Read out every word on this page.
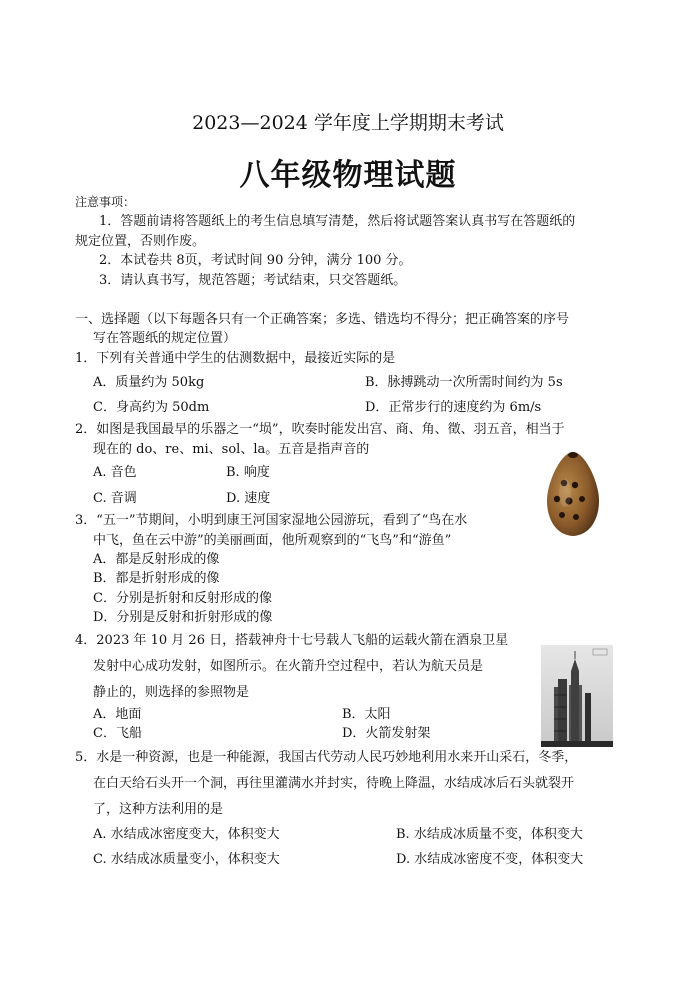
2023—2024 学年度上学期期末考试
八年级物理试题
注意事项：
1．答题前请将答题纸上的考生信息填写清楚，然后将试题答案认真书写在答题纸的
规定位置，否则作废。
2．本试卷共 8页，考试时间 90 分钟，满分 100 分。
3．请认真书写，规范答题；考试结束，只交答题纸。
一、选择题（以下每题各只有一个正确答案；多选、错选均不得分；把正确答案的序号
写在答题纸的规定位置）
1．下列有关普通中学生的估测数据中，最接近实际的是
A．质量约为 50kg	B．脉搏跳动一次所需时间约为 5s
C．身高约为 50dm	D．正常步行的速度约为 6m/s
2．如图是我国最早的乐器之一“埙”，吹奏时能发出宫、商、角、徵、羽五音，相当于
现在的 do、re、mi、sol、la。五音是指声音的
A. 音色	B. 响度
C. 音调	D. 速度
3．“五一”节期间，小明到康王河国家湿地公园游玩，看到了“鸟在水
中飞，鱼在云中游”的美丽画面，他所观察到的“飞鸟”和“游鱼”
A．都是反射形成的像
B．都是折射形成的像
C．分别是折射和反射形成的像
D．分别是反射和折射形成的像
4．2023 年 10 月 26 日，搭载神舟十七号载人飞船的运载火箭在酒泉卫星
发射中心成功发射，如图所示。在火箭升空过程中，若认为航天员是
静止的，则选择的参照物是
A．地面	B．太阳
C．飞船	D．火箭发射架
5．水是一种资源，也是一种能源，我国古代劳动人民巧妙地利用水来开山采石，冬季，
在白天给石头开一个洞，再往里灌满水并封实，待晚上降温，水结成冰后石头就裂开
了，这种方法利用的是
A. 水结成冰密度变大，体积变大	B. 水结成冰质量不变，体积变大
C. 水结成冰质量变小，体积变大	D. 水结成冰密度不变，体积变大
